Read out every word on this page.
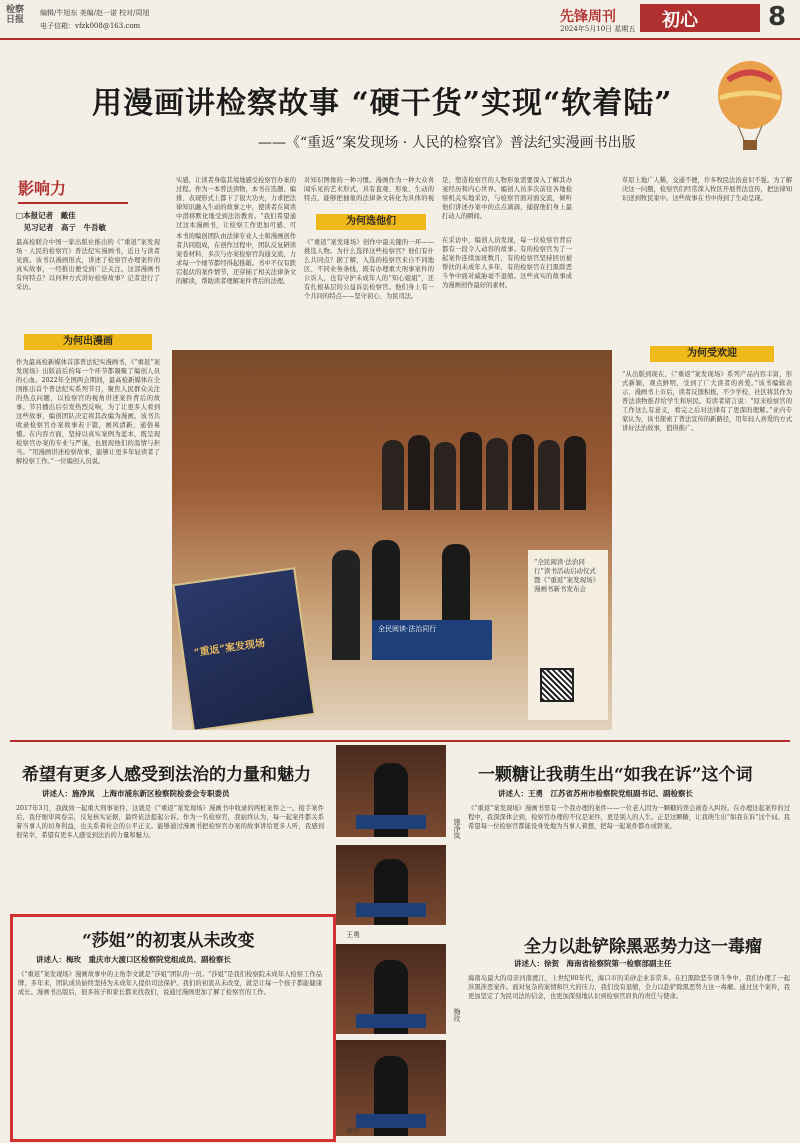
检察日报
编辑/牛旭东 美编/赵一诺 校对/周旭
电子信箱：vfzk008@163.com
先锋周刊
2024年5月10日 星期五 初心	8
用漫画讲检察故事 “硬干货”实现“软着陆”
——《“重返”案发现场 · 人民的检察官》普法纪实漫画书出版
影响力
□本报记者　戴佳
　见习记者　高亍　牛吾敏
最高检联合中国一家出版社推出的《“重返”案发现场 · 人民的检察官》普法纪实漫画书，近日与读者见面。该书以漫画形式，讲述了检察官办理案件的真实故事，一经推出便受到广泛关注。这部漫画书有何特点？以何种方式讲好检察故事？记者进行了采访。
为何出漫画
作为最高检新媒体首部普法纪实漫画书，《“重返”案发现场》出版前后的每一个环节都凝聚了编创人员的心血。2022年全国两会期间，最高检新媒体在全国推出首个普法纪实系列节目，聚焦人民群众关注的热点问题，以检察官的视角讲述案件背后的故事。节目播出后引发热烈反响，为了让更多人看到这些故事，编创团队决定将其改编为漫画。该书共收录检察官办案故事若干篇，画风清新，通俗易懂。在内容方面，坚持以真实案例为蓝本，既呈现检察官办案的专业与严谨，也展现他们的温情与担当。“用漫画讲述检察故事，能够让更多年轻读者了解检察工作。”一位编创人员说。
实感，让读者身临其境地感受检察官办案的过程。作为一本普法读物，本书在选题、编排、表现形式上都下了很大功夫，力求把法律知识融入生动的故事之中，使读者在阅读中潜移默化地受到法治教育。“我们希望通过这本漫画书，让检察工作更加可感、可
本书的编创团队由法律专业人士和漫画创作者共同组成，在创作过程中，团队反复研读案卷材料，多次与办案检察官沟通交流，力求每一个细节都经得起推敲。书中不仅有跌宕起伏的案件情节，还穿插了相关法律条文的解读，帮助读者理解案件背后的法理。
对知识图像的一种习惯。漫画作为一种大众喜闻乐见的艺术形式，具有直观、形象、生动的特点，能够把抽象的法律条文转化为具体的视
为何选他们
《“重返”案发现场》创作中最关键的一环——挑选人物。为什么选择这些检察官？他们有什么共同点？据了解，入选的检察官来自不同地区、不同业务条线，既有办理重大刑事案件的公诉人，也有守护未成年人的“知心姐姐”，还有扎根基层的公益诉讼检察官。他们身上有一个共同的特点——坚守初心、为民司法。
是，塑造检察官的人物形象需要深入了解其办案经历和内心世界。编创人员多次前往各地检察机关实地采访，与检察官面对面交流，倾听他们讲述办案中的点点滴滴，捕捉他们身上最打动人的瞬间。
在采访中，编创人员发现，每一位检察官背后都有一段令人动容的故事。有的检察官为了一起案件连续加班数月，有的检察官坚持回访被帮扶的未成年人多年，有的检察官在扫黑除恶斗争中面对威胁毫不退缩。这些真实的故事成为漫画创作最好的素材。
草原上地广人稀，交通不便，许多牧民法治意识不强。为了解决这一问题，检察官们经常深入牧区开展普法宣传，把法律知识送到牧民家中。这些故事在书中得到了生动呈现。
为何受欢迎
“从出版到现在，《“重返”案发现场》系列产品内容丰富，形式新颖，观点鲜明，受到了广大读者的喜爱。”该书编辑表示，漫画书上市后，读者反馈积极，不少学校、社区将其作为普法读物推荐给学生和居民。有读者留言说：“原来检察官的工作这么有意义，看完之后对法律有了更深的理解。”业内专家认为，该书探索了普法宣传的新路径，用年轻人喜爱的方式讲好法治故事，值得推广。
全民阅读·法治同行
“重返”案发现场
“全民阅读·法治同行”读书活动启动仪式暨《“重返”案发现场》漫画书新书发布会
希望有更多人感受到法治的力量和魅力
讲述人：施净岚　上海市浦东新区检察院检委会专职委员
2017年3月，我做到一起重大刑事案件，这就是《“重返”案发现场》漫画书中收录的两桩案件之一。接手案件后，我仔细审阅卷宗，反复核实证据，最终依法提起公诉。作为一名检察官，我始终认为，每一起案件都关系着当事人的切身利益，也关系着社会的公平正义。能够通过漫画书把检察官办案的故事讲给更多人听，我感到很荣幸，希望有更多人感受到法治的力量和魅力。
“莎姐”的初衷从未改变
讲述人：梅玫　重庆市大渡口区检察院党组成员、副检察长
《“重返”案发现场》漫画故事中的主角李文就是“莎姐”团队的一员。“莎姐”是我们检察院未成年人检察工作品牌，多年来，团队成员始终坚持为未成年人提供司法保护。我们的初衷从未改变，就是让每一个孩子都能健康成长。漫画书出版后，很多孩子和家长都来找我们，说通过漫画更加了解了检察官的工作。
施净岚
王勇
梅玫
徐贺
一颗糖让我萌生出“如我在诉”这个词
讲述人：王勇　江苏省苏州市检察院党组副书记、副检察长
《“重返”案发现场》漫画书里有一个我办理的案件——一位老人因为一颗糖的误会被卷入纠纷。在办理这起案件的过程中，我深深体会到，检察官办理的不仅是案件，更是别人的人生。正是这颗糖，让我萌生出“如我在诉”这个词。我希望每一位检察官都能设身处地为当事人着想，把每一起案件都办成铁案。
全力以赴铲除黑恶势力这一毒瘤
讲述人：徐贺　海南省检察院第一检察部副主任
海南岛最大的母亲河南渡江，上世纪80年代，海口市的采砂企业非常多。在扫黑除恶专项斗争中，我们办理了一起涉黑涉恶案件。面对复杂的案情和巨大的压力，我们没有退缩，全力以赴铲除黑恶势力这一毒瘤。通过这个案件，我更加坚定了为民司法的信念，也更加深刻地认识到检察官肩负的责任与使命。
